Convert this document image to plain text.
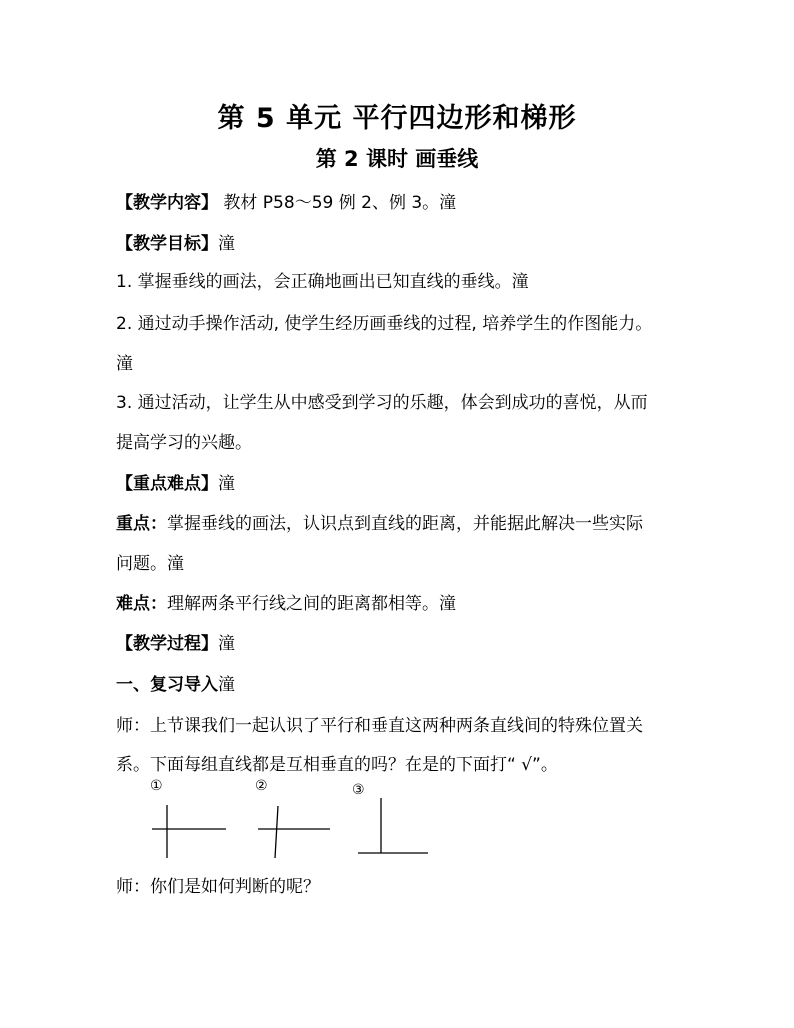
第 5 单元 平行四边形和梯形
第 2 课时 画垂线
【教学内容】 教材 P58～59 例 2、例 3。潼
【教学目标】潼
1. 掌握垂线的画法，会正确地画出已知直线的垂线。潼
2. 通过动手操作活动, 使学生经历画垂线的过程, 培养学生的作图能力。
潼
3. 通过活动，让学生从中感受到学习的乐趣，体会到成功的喜悦，从而
提高学习的兴趣。
【重点难点】潼
重点：掌握垂线的画法，认识点到直线的距离，并能据此解决一些实际
问题。潼
难点：理解两条平行线之间的距离都相等。潼
【教学过程】潼
一、复习导入潼
师：上节课我们一起认识了平行和垂直这两种两条直线间的特殊位置关
系。下面每组直线都是互相垂直的吗？在是的下面打“ √”。
①	②	③
师：你们是如何判断的呢？
